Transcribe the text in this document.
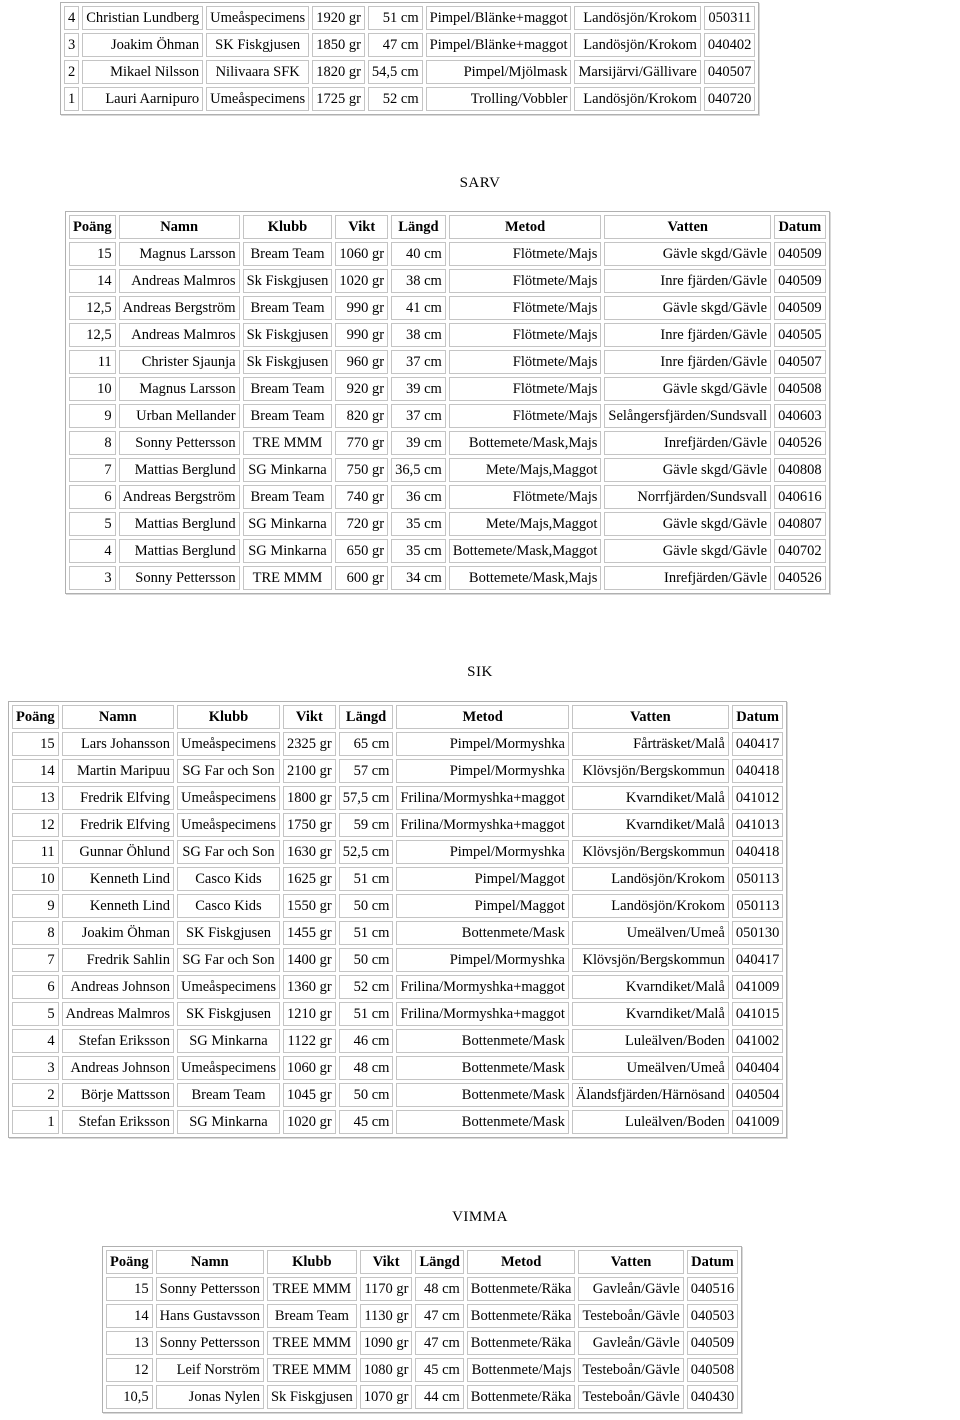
4	Christian Lundberg	Umeåspecimens	1920 gr	51 cm	Pimpel/Blänke+maggot	Landösjön/Krokom	050311
3	Joakim Öhman	SK Fiskgjusen	1850 gr	47 cm	Pimpel/Blänke+maggot	Landösjön/Krokom	040402
2	Mikael Nilsson	Nilivaara SFK	1820 gr	54,5 cm	Pimpel/Mjölmask	Marsijärvi/Gällivare	040507
1	Lauri Aarnipuro	Umeåspecimens	1725 gr	52 cm	Trolling/Vobbler	Landösjön/Krokom	040720
SARV
Poäng	Namn	Klubb	Vikt	Längd	Metod	Vatten	Datum
15	Magnus Larsson	Bream Team	1060 gr	40 cm	Flötmete/Majs	Gävle skgd/Gävle	040509
14	Andreas Malmros	Sk Fiskgjusen	1020 gr	38 cm	Flötmete/Majs	Inre fjärden/Gävle	040509
12,5	Andreas Bergström	Bream Team	990 gr	41 cm	Flötmete/Majs	Gävle skgd/Gävle	040509
12,5	Andreas Malmros	Sk Fiskgjusen	990 gr	38 cm	Flötmete/Majs	Inre fjärden/Gävle	040505
11	Christer Sjaunja	Sk Fiskgjusen	960 gr	37 cm	Flötmete/Majs	Inre fjärden/Gävle	040507
10	Magnus Larsson	Bream Team	920 gr	39 cm	Flötmete/Majs	Gävle skgd/Gävle	040508
9	Urban Mellander	Bream Team	820 gr	37 cm	Flötmete/Majs	Selångersfjärden/Sundsvall	040603
8	Sonny Pettersson	TRE MMM	770 gr	39 cm	Bottemete/Mask,Majs	Inrefjärden/Gävle	040526
7	Mattias Berglund	SG Minkarna	750 gr	36,5 cm	Mete/Majs,Maggot	Gävle skgd/Gävle	040808
6	Andreas Bergström	Bream Team	740 gr	36 cm	Flötmete/Majs	Norrfjärden/Sundsvall	040616
5	Mattias Berglund	SG Minkarna	720 gr	35 cm	Mete/Majs,Maggot	Gävle skgd/Gävle	040807
4	Mattias Berglund	SG Minkarna	650 gr	35 cm	Bottemete/Mask,Maggot	Gävle skgd/Gävle	040702
3	Sonny Pettersson	TRE MMM	600 gr	34 cm	Bottemete/Mask,Majs	Inrefjärden/Gävle	040526
SIK
Poäng	Namn	Klubb	Vikt	Längd	Metod	Vatten	Datum
15	Lars Johansson	Umeåspecimens	2325 gr	65 cm	Pimpel/Mormyshka	Fårträsket/Malå	040417
14	Martin Maripuu	SG Far och Son	2100 gr	57 cm	Pimpel/Mormyshka	Klövsjön/Bergskommun	040418
13	Fredrik Elfving	Umeåspecimens	1800 gr	57,5 cm	Frilina/Mormyshka+maggot	Kvarndiket/Malå	041012
12	Fredrik Elfving	Umeåspecimens	1750 gr	59 cm	Frilina/Mormyshka+maggot	Kvarndiket/Malå	041013
11	Gunnar Öhlund	SG Far och Son	1630 gr	52,5 cm	Pimpel/Mormyshka	Klövsjön/Bergskommun	040418
10	Kenneth Lind	Casco Kids	1625 gr	51 cm	Pimpel/Maggot	Landösjön/Krokom	050113
9	Kenneth Lind	Casco Kids	1550 gr	50 cm	Pimpel/Maggot	Landösjön/Krokom	050113
8	Joakim Öhman	SK Fiskgjusen	1455 gr	51 cm	Bottenmete/Mask	Umeälven/Umeå	050130
7	Fredrik Sahlin	SG Far och Son	1400 gr	50 cm	Pimpel/Mormyshka	Klövsjön/Bergskommun	040417
6	Andreas Johnson	Umeåspecimens	1360 gr	52 cm	Frilina/Mormyshka+maggot	Kvarndiket/Malå	041009
5	Andreas Malmros	SK Fiskgjusen	1210 gr	51 cm	Frilina/Mormyshka+maggot	Kvarndiket/Malå	041015
4	Stefan Eriksson	SG Minkarna	1122 gr	46 cm	Bottenmete/Mask	Luleälven/Boden	041002
3	Andreas Johnson	Umeåspecimens	1060 gr	48 cm	Bottenmete/Mask	Umeälven/Umeå	040404
2	Börje Mattsson	Bream Team	1045 gr	50 cm	Bottenmete/Mask	Älandsfjärden/Härnösand	040504
1	Stefan Eriksson	SG Minkarna	1020 gr	45 cm	Bottenmete/Mask	Luleälven/Boden	041009
VIMMA
Poäng	Namn	Klubb	Vikt	Längd	Metod	Vatten	Datum
15	Sonny Pettersson	TREE MMM	1170 gr	48 cm	Bottenmete/Räka	Gavleån/Gävle	040516
14	Hans Gustavsson	Bream Team	1130 gr	47 cm	Bottenmete/Räka	Testeboån/Gävle	040503
13	Sonny Pettersson	TREE MMM	1090 gr	47 cm	Bottenmete/Räka	Gavleån/Gävle	040509
12	Leif Norström	TREE MMM	1080 gr	45 cm	Bottenmete/Majs	Testeboån/Gävle	040508
10,5	Jonas Nylen	Sk Fiskgjusen	1070 gr	44 cm	Bottenmete/Räka	Testeboån/Gävle	040430
